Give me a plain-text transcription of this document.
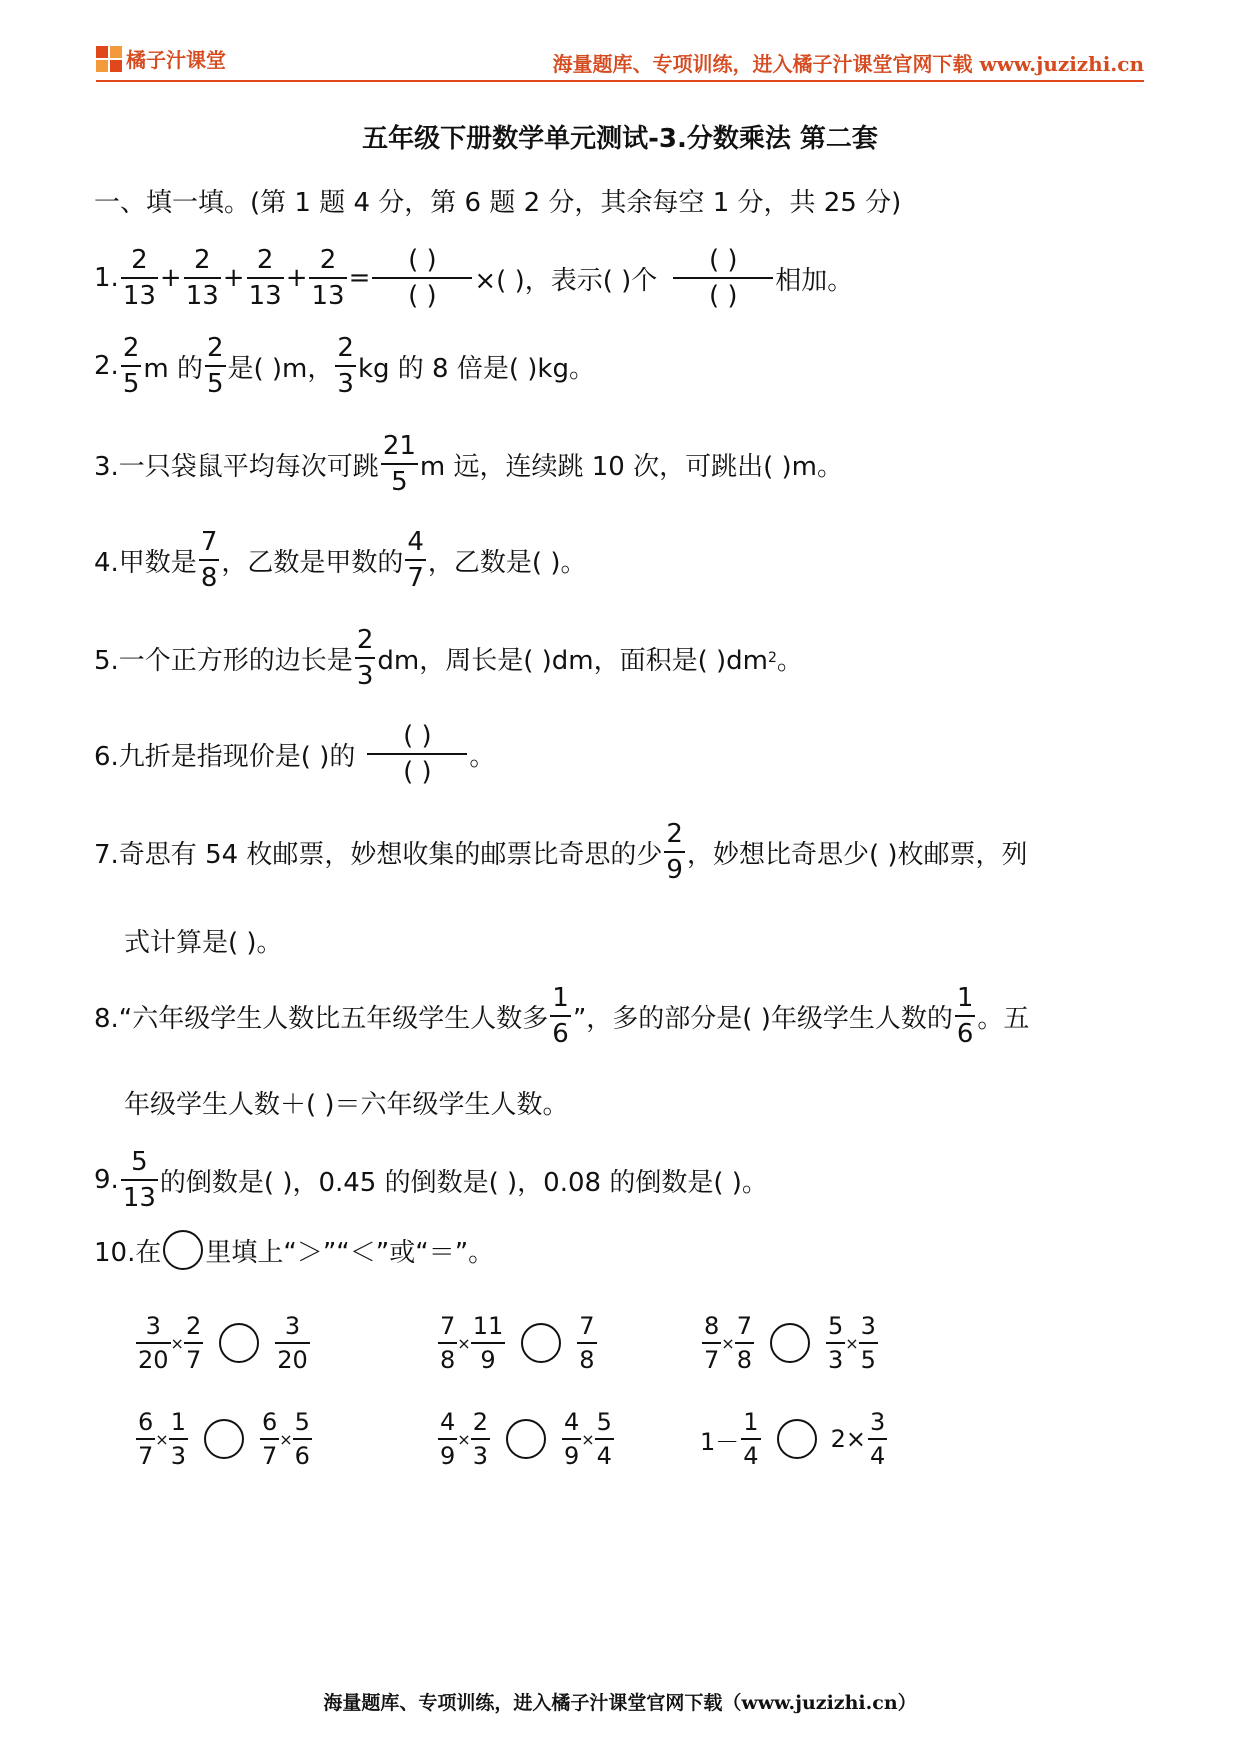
橘子汁课堂	海量题库、专项训练，进入橘子汁课堂官网下载 www.juzizhi.cn
五年级下册数学单元测试-3.分数乘法 第二套
一、填一填。(第 1 题 4 分，第 6 题 2 分，其余每空 1 分，共 25 分)
1. $\frac{2}{13} + \frac{2}{13} + \frac{2}{13} + \frac{2}{13} = \frac{( )}{( )}$ ×( )，表示( )个 $\frac{( )}{( )}$ 相加。
2. $\frac{2}{5}$ m 的 $\frac{2}{5}$ 是( )m， $\frac{2}{3}$ kg 的 8 倍是( )kg。
3.一只袋鼠平均每次可跳 $\frac{21}{5}$ m 远，连续跳 10 次，可跳出( )m。
4.甲数是 $\frac{7}{8}$ ，乙数是甲数的 $\frac{4}{7}$ ，乙数是( )。
5.一个正方形的边长是 $\frac{2}{3}$ dm，周长是( )dm，面积是( )dm 2 。
6.九折是指现价是( )的 $\frac{( )}{( )}$ 。
7.奇思有 54 枚邮票，妙想收集的邮票比奇思的少 $\frac{2}{9}$ ，妙想比奇思少( )枚邮票，列
式计算是( )。
8.“六年级学生人数比五年级学生人数多 $\frac{1}{6}$ ”，多的部分是( )年级学生人数的 $\frac{1}{6}$ 。五
年级学生人数＋( )＝六年级学生人数。
9. $\frac{5}{13}$ 的倒数是( )，0.45 的倒数是( )，0.08 的倒数是( )。
10.在 里填上“＞”“＜”或“＝”。
$\frac{3}{20} \times \frac{2}{7}$	$\frac{3}{20}$	$\frac{7}{8} \times \frac{11}{9}$	$\frac{7}{8}$	$\frac{8}{7} \times \frac{7}{8}$	$\frac{5}{3} \times \frac{3}{5}$
$\frac{6}{7} \times \frac{1}{3}$	$\frac{6}{7} \times \frac{5}{6}$	$\frac{4}{9} \times \frac{2}{3}$	$\frac{4}{9} \times \frac{5}{4}$	$1- \frac{1}{4}$	$2\times \frac{3}{4}$
海量题库、专项训练，进入橘子汁课堂官网下载（www.juzizhi.cn）
